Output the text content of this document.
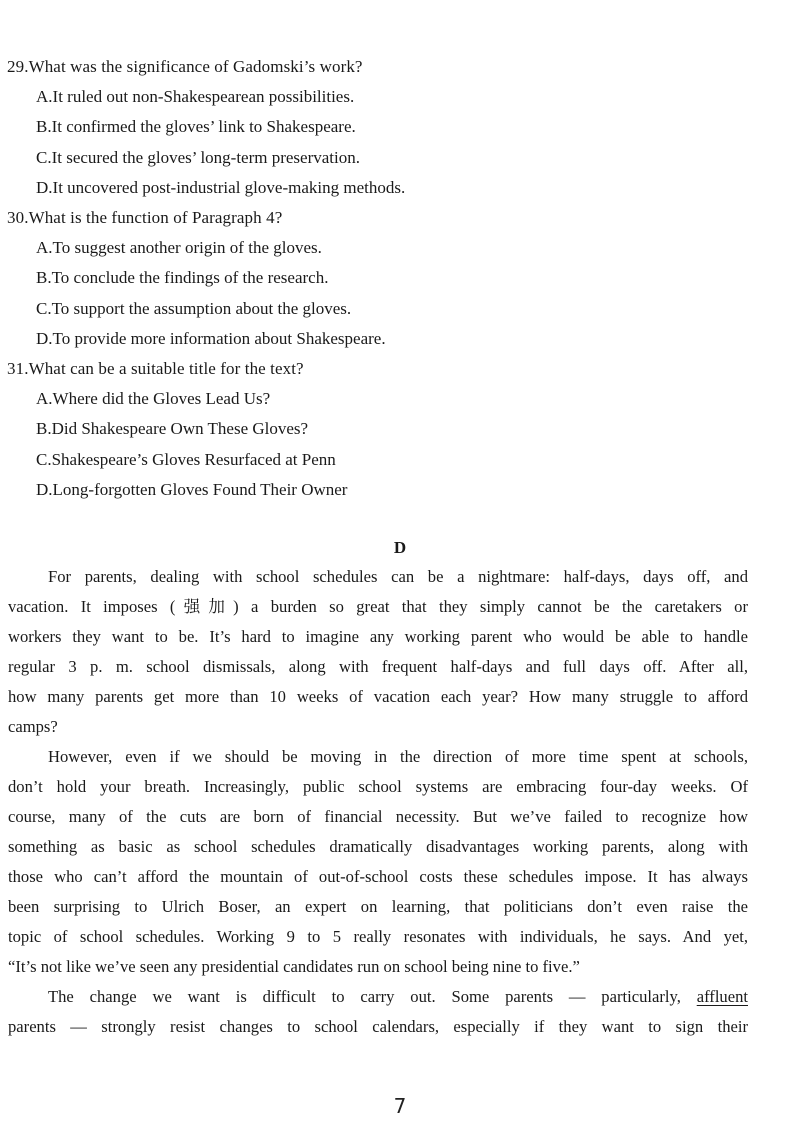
29.What was the significance of Gadomski’s work?
A.It ruled out non-Shakespearean possibilities.
B.It confirmed the gloves’ link to Shakespeare.
C.It secured the gloves’ long-term preservation.
D.It uncovered post-industrial glove-making methods.
30.What is the function of Paragraph 4?
A.To suggest another origin of the gloves.
B.To conclude the findings of the research.
C.To support the assumption about the gloves.
D.To provide more information about Shakespeare.
31.What can be a suitable title for the text?
A.Where did the Gloves Lead Us?
B.Did Shakespeare Own These Gloves?
C.Shakespeare’s Gloves Resurfaced at Penn
D.Long-forgotten Gloves Found Their Owner
D
For parents, dealing with school schedules can be a nightmare: half-days, days off, and
vacation. It imposes (强加) a burden so great that they simply cannot be the caretakers or
workers they want to be. It’s hard to imagine any working parent who would be able to handle
regular 3 p. m. school dismissals, along with frequent half-days and full days off. After all,
how many parents get more than 10 weeks of vacation each year? How many struggle to afford
camps?
However, even if we should be moving in the direction of more time spent at schools,
don’t hold your breath. Increasingly, public school systems are embracing four-day weeks. Of
course, many of the cuts are born of financial necessity. But we’ve failed to recognize how
something as basic as school schedules dramatically disadvantages working parents, along with
those who can’t afford the mountain of out-of-school costs these schedules impose. It has always
been surprising to Ulrich Boser, an expert on learning, that politicians don’t even raise the
topic of school schedules. Working 9 to 5 really resonates with individuals, he says. And yet,
“It’s not like we’ve seen any presidential candidates run on school being nine to five.”
The change we want is difficult to carry out. Some parents — particularly, affluent
parents — strongly resist changes to school calendars, especially if they want to sign their
7
